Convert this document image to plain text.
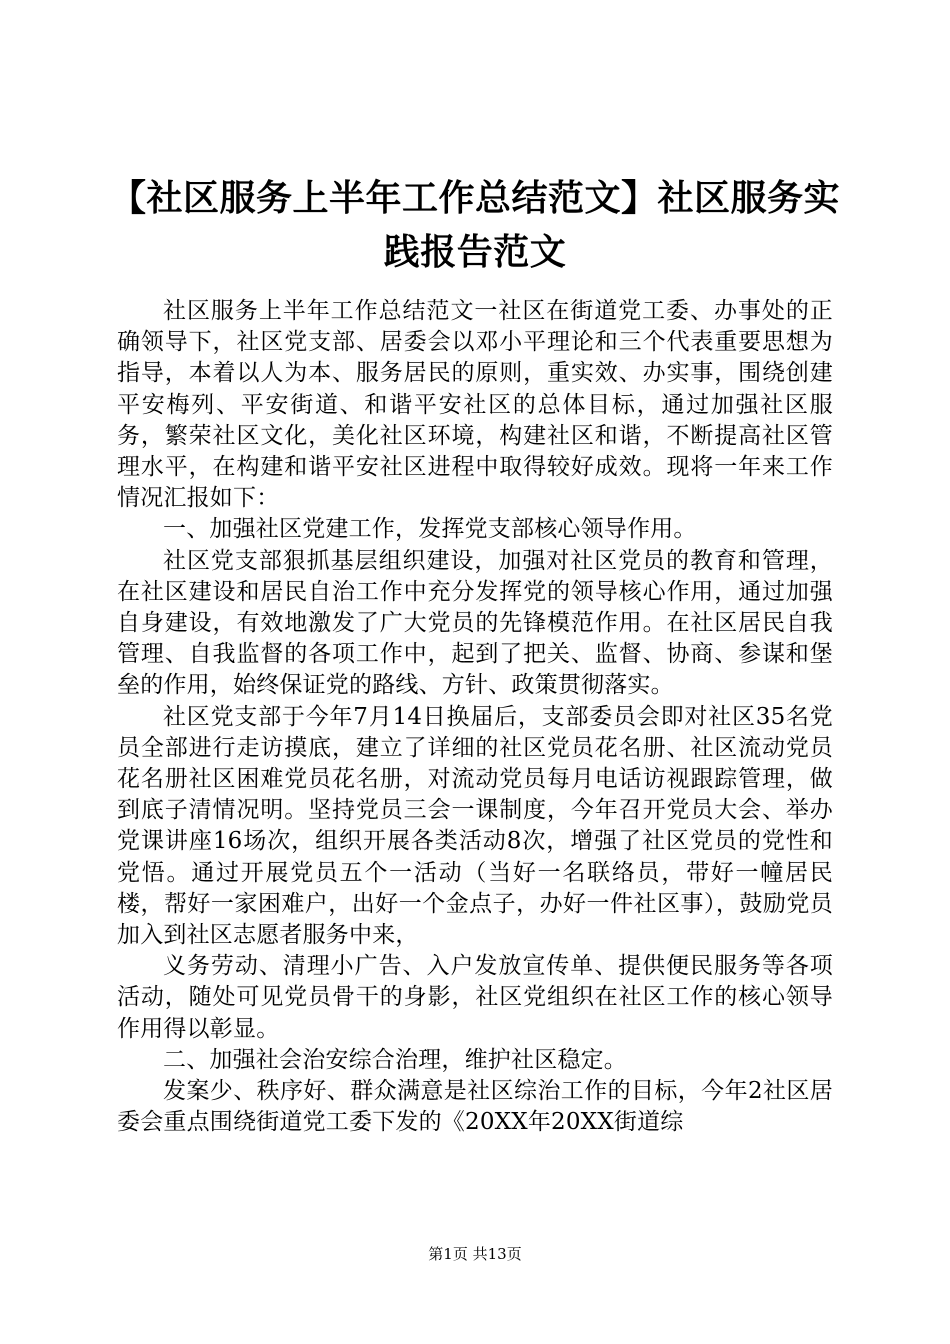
【社区服务上半年工作总结范文】社区服务实践报告范文

社区服务上半年工作总结范文一社区在街道党工委、办事处的正确领导下，社区党支部、居委会以邓小平理论和三个代表重要思想为指导，本着以人为本、服务居民的原则，重实效、办实事，围绕创建平安梅列、平安街道、和谐平安社区的总体目标，通过加强社区服务，繁荣社区文化，美化社区环境，构建社区和谐，不断提高社区管理水平，在构建和谐平安社区进程中取得较好成效。现将一年来工作情况汇报如下：

一、加强社区党建工作，发挥党支部核心领导作用。

社区党支部狠抓基层组织建设，加强对社区党员的教育和管理，在社区建设和居民自治工作中充分发挥党的领导核心作用，通过加强自身建设，有效地激发了广大党员的先锋模范作用。在社区居民自我管理、自我监督的各项工作中，起到了把关、监督、协商、参谋和堡垒的作用，始终保证党的路线、方针、政策贯彻落实。

社区党支部于今年7月14日换届后，支部委员会即对社区35名党员全部进行走访摸底，建立了详细的社区党员花名册、社区流动党员花名册社区困难党员花名册，对流动党员每月电话访视跟踪管理，做到底子清情况明。坚持党员三会一课制度，今年召开党员大会、举办党课讲座16场次，组织开展各类活动8次，增强了社区党员的党性和党悟。通过开展党员五个一活动（当好一名联络员，带好一幢居民楼，帮好一家困难户，出好一个金点子，办好一件社区事），鼓励党员加入到社区志愿者服务中来，

义务劳动、清理小广告、入户发放宣传单、提供便民服务等各项活动，随处可见党员骨干的身影，社区党组织在社区工作的核心领导作用得以彰显。

二、加强社会治安综合治理，维护社区稳定。

发案少、秩序好、群众满意是社区综治工作的目标，今年2社区居委会重点围绕街道党工委下发的《20XX年20XX街道综

第1页 共13页
